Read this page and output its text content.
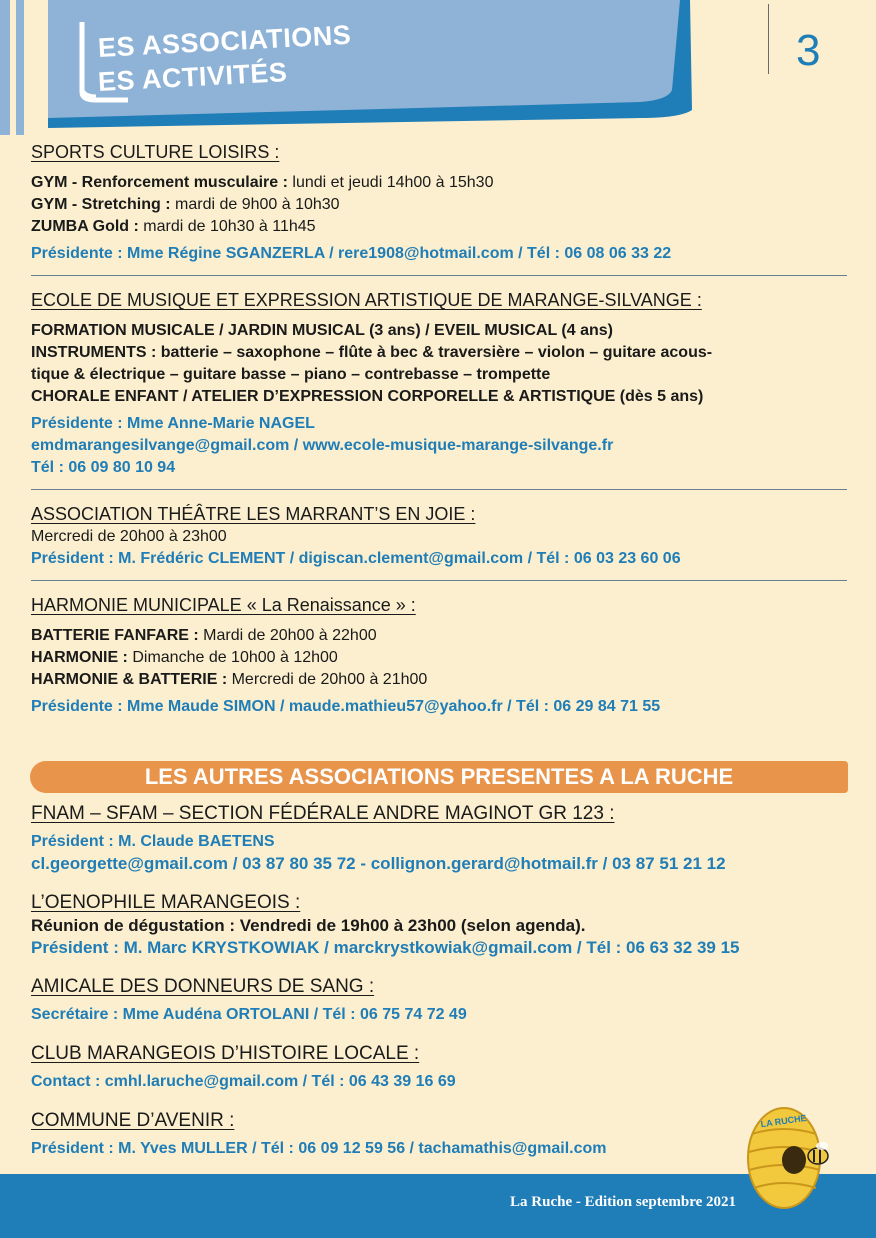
ES ASSOCIATIONS
ES ACTIVITÉS
3

SPORTS CULTURE LOISIRS :

GYM - Renforcement musculaire : lundi et jeudi 14h00 à 15h30

GYM - Stretching : mardi de 9h00 à 10h30

ZUMBA Gold : mardi de 10h30 à 11h45

Présidente : Mme Régine SGANZERLA / rere1908@hotmail.com / Tél : 06 08 06 33 22

ECOLE DE MUSIQUE ET EXPRESSION ARTISTIQUE DE MARANGE-SILVANGE :

FORMATION MUSICALE / JARDIN MUSICAL (3 ans) / EVEIL MUSICAL (4 ans)

INSTRUMENTS : batterie – saxophone – flûte à bec & traversière – violon – guitare acous-

tique & électrique – guitare basse – piano – contrebasse – trompette

CHORALE ENFANT / ATELIER D’EXPRESSION CORPORELLE & ARTISTIQUE (dès 5 ans)

Présidente : Mme Anne-Marie NAGEL

emdmarangesilvange@gmail.com / www.ecole-musique-marange-silvange.fr

Tél : 06 09 80 10 94

ASSOCIATION THÉÂTRE LES MARRANT’S EN JOIE :

Mercredi de 20h00 à 23h00

Président : M. Frédéric CLEMENT / digiscan.clement@gmail.com / Tél : 06 03 23 60 06

HARMONIE MUNICIPALE « La Renaissance » :

BATTERIE FANFARE : Mardi de 20h00 à 22h00

HARMONIE : Dimanche de 10h00 à 12h00

HARMONIE & BATTERIE : Mercredi de 20h00 à 21h00

Présidente : Mme Maude SIMON / maude.mathieu57@yahoo.fr / Tél : 06 29 84 71 55

LES AUTRES ASSOCIATIONS PRESENTES A LA RUCHE

FNAM – SFAM – SECTION FÉDÉRALE ANDRE MAGINOT GR 123 :

Président : M. Claude BAETENS

cl.georgette@gmail.com / 03 87 80 35 72 - collignon.gerard@hotmail.fr / 03 87 51 21 12

L’OENOPHILE MARANGEOIS :

Réunion de dégustation : Vendredi de 19h00 à 23h00 (selon agenda).

Président : M. Marc KRYSTKOWIAK / marckrystkowiak@gmail.com / Tél : 06 63 32 39 15

AMICALE DES DONNEURS DE SANG :

Secrétaire : Mme Audéna ORTOLANI / Tél : 06 75 74 72 49

CLUB MARANGEOIS D’HISTOIRE LOCALE :

Contact : cmhl.laruche@gmail.com / Tél : 06 43 39 16 69

COMMUNE D’AVENIR :

Président : M. Yves MULLER / Tél : 06 09 12 59 56 / tachamathis@gmail.com

La Ruche - Edition septembre 2021
LA RUCHE
